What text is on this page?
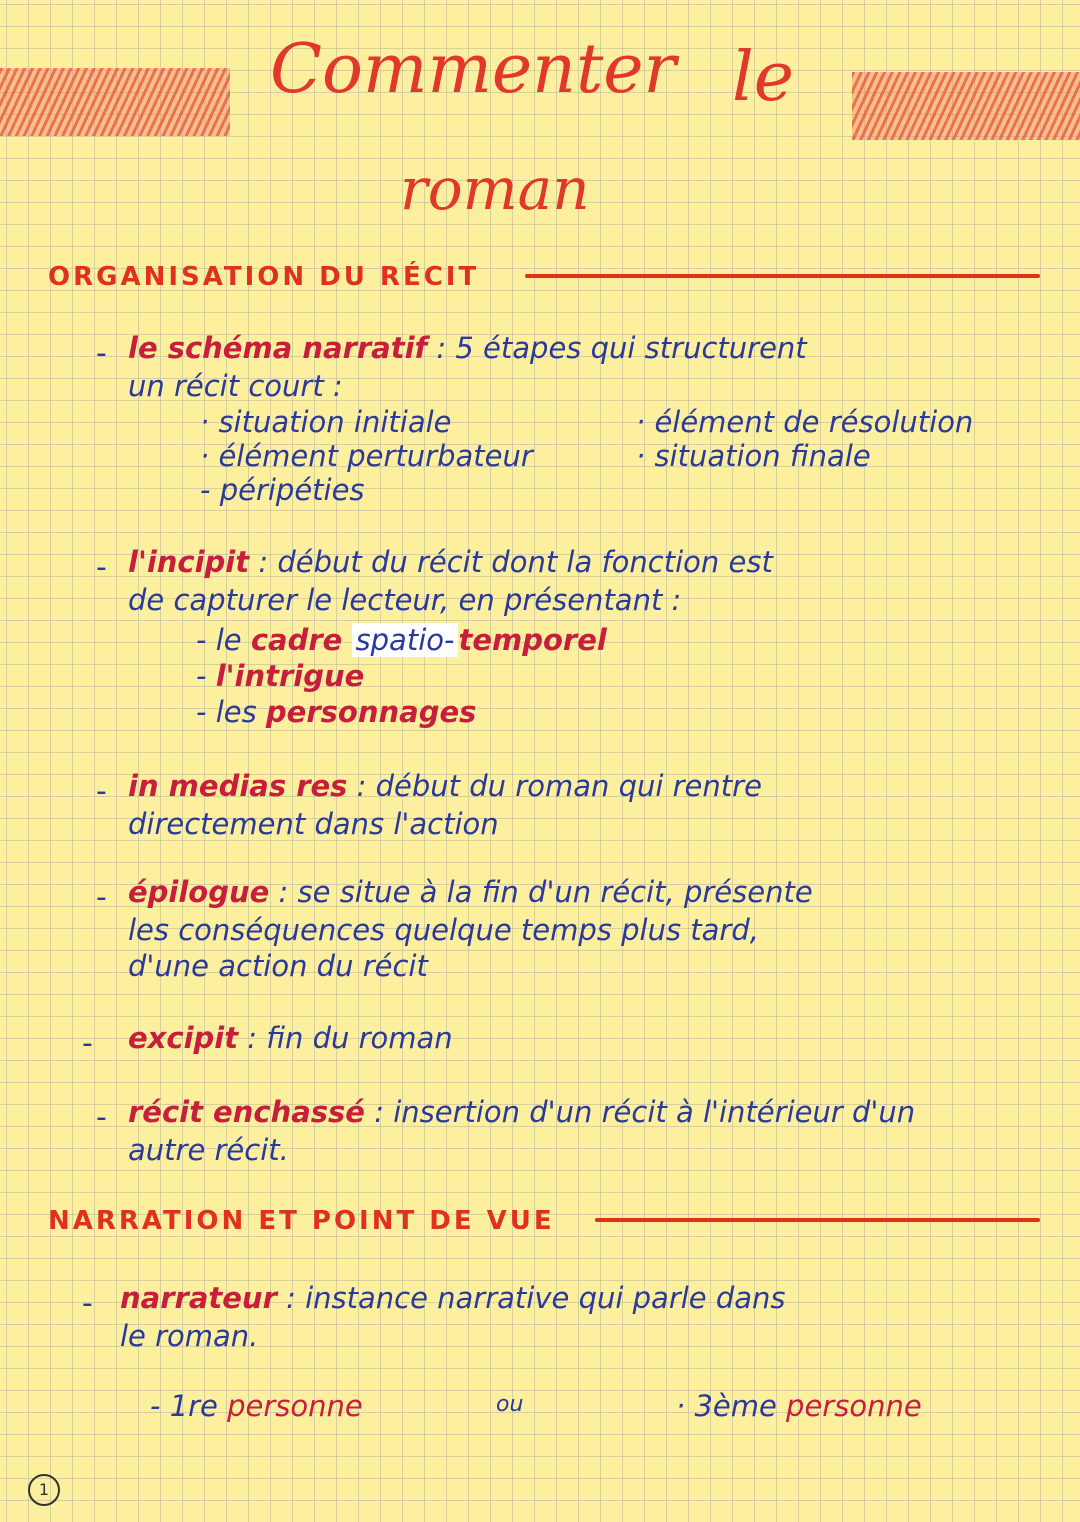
Commenter le
roman
ORGANISATION DU RÉCIT
- le schéma narratif : 5 étapes qui structurent
un récit court :
· situation initiale
· élément perturbateur
- péripéties
· élément de résolution
· situation finale
- l'incipit : début du récit dont la fonction est
de capturer le lecteur, en présentant :
- le cadre spatio- temporel
- l'intrigue
- les personnages
- in medias res : début du roman qui rentre
directement dans l'action
- épilogue : se situe à la fin d'un récit, présente
les conséquences quelque temps plus tard,
d'une action du récit
- excipit : fin du roman
- récit enchassé : insertion d'un récit à l'intérieur d'un
autre récit.
NARRATION ET POINT DE VUE
- narrateur : instance narrative qui parle dans
le roman.
- 1re personne	ou	· 3ème personne
1
